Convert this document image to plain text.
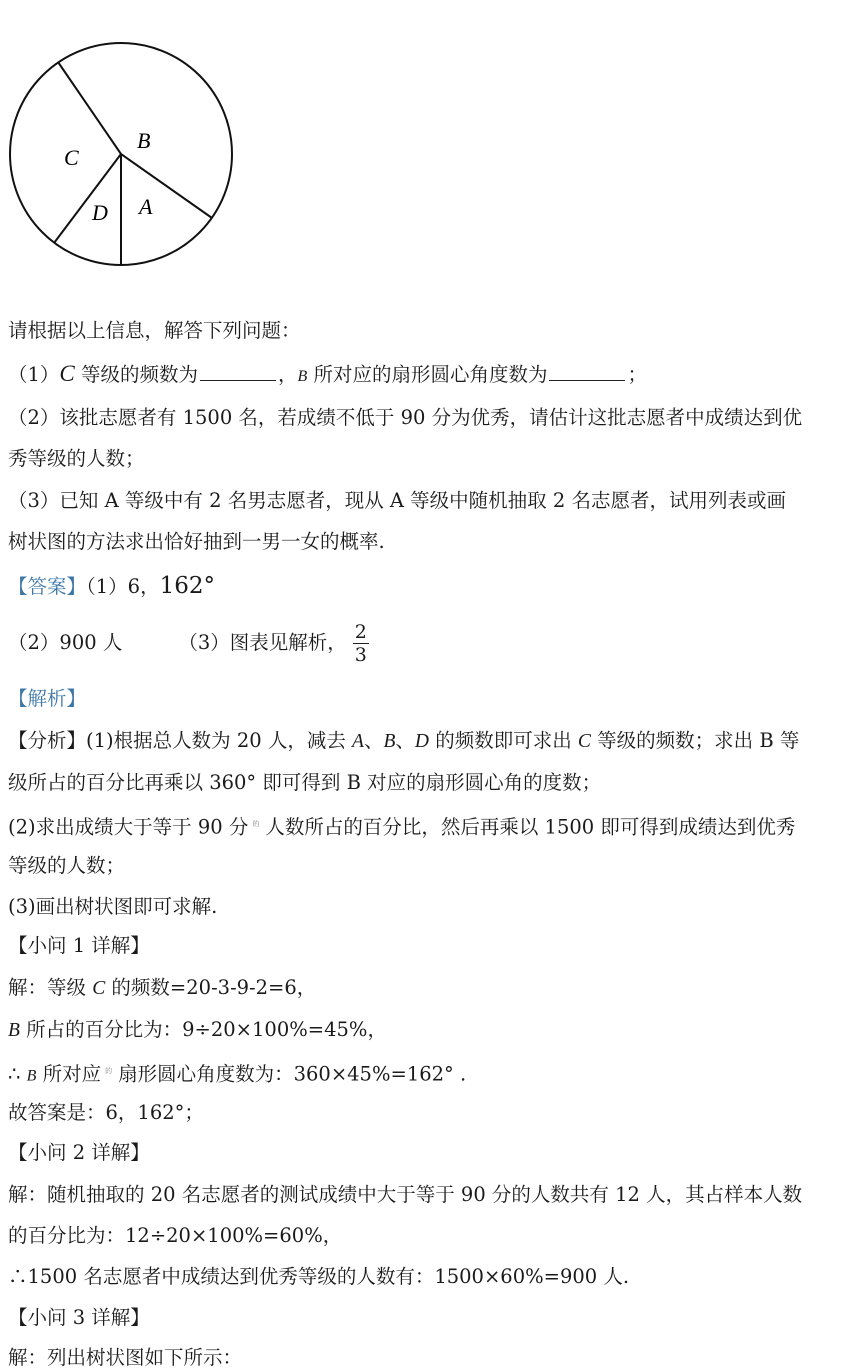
B
C
D A
请根据以上信息，解答下列问题：
（1）C 等级的频数为	，B 所对应的扇形圆心角度数为	；
（2）该批志愿者有 1500 名，若成绩不低于 90 分为优秀，请估计这批志愿者中成绩达到优
秀等级的人数；
（3）已知 A 等级中有 2 名男志愿者，现从 A 等级中随机抽取 2 名志愿者，试用列表或画
树状图的方法求出恰好抽到一男一女的概率.
【答案】（1）6，162°
（2）900 人	（3）图表见解析， $\frac{2}{3}$
【解析】
【分析】(1)根据总人数为 20 人，减去 A、B、D 的频数即可求出 C 等级的频数；求出 B 等
级所占的百分比再乘以 360° 即可得到 B 对应的扇形圆心角的度数；
(2)求出成绩大于等于 90 分 $^的$ 人数所占的百分比，然后再乘以 1500 即可得到成绩达到优秀
等级的人数；
(3)画出树状图即可求解.
【小问 1 详解】
解：等级 C 的频数=20-3-9-2=6，
B 所占的百分比为：9÷20×100%=45%，
∴ B 所对应 $^的$ 扇形圆心角度数为：360×45%=162° .
故答案是：6，162°；
【小问 2 详解】
解：随机抽取的 20 名志愿者的测试成绩中大于等于 90 分的人数共有 12 人，其占样本人数
的百分比为：12÷20×100%=60%，
∴1500 名志愿者中成绩达到优秀等级的人数有：1500×60%=900 人.
【小问 3 详解】
解：列出树状图如下所示：
